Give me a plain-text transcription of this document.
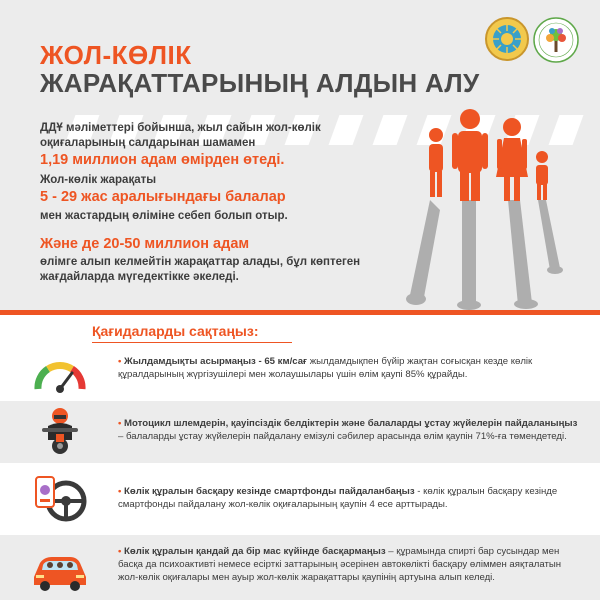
ЖОЛ-КӨЛІК
ЖАРАҚАТТАРЫНЫҢ АЛДЫН АЛУ
ДДҰ мәліметтері бойынша, жыл сайын жол-көлік
оқиғаларының салдарынан шамамен
1,19 миллион адам өмірден өтеді.
Жол-көлік жарақаты
5 - 29 жас аралығындағы балалар
мен жастардың өліміне себеп болып отыр.
Және де 20-50 миллион адам
өлімге алып келмейтін жарақаттар алады, бұл көптеген
жағдайларда мүгедектікке әкеледі.
Қағидаларды сақтаңыз:
• Жылдамдықты асырмаңыз - 65 км/сағ жылдамдықпен бүйір жақтан соғысқан кезде көлік құралдарының жүргізушілері мен жолаушылары үшін өлім қаупі 85% құрайды.
• Мотоцикл шлемдерін, қауіпсіздік белдіктерін және балаларды ұстау жүйелерін пайдаланыңыз – балаларды ұстау жүйелерін пайдалану емізулі сәбилер арасында өлім қаупін 71%-ға төмендетеді.
• Көлік құралын басқару кезінде смартфонды пайдаланбаңыз - көлік құралын басқару кезінде смартфонды пайдалану жол-көлік оқиғаларының қаупін 4 есе арттырады.
• Көлік құралын қандай да бір мас күйінде басқармаңыз – құрамында спирті бар сусындар мен басқа да психоактивті немесе есірткі заттарының әсерінен автокөлікті басқару өліммен аяқталатын жол-көлік оқиғалары мен ауыр жол-көлік жарақаттары қаупінің артуына алып келеді.
